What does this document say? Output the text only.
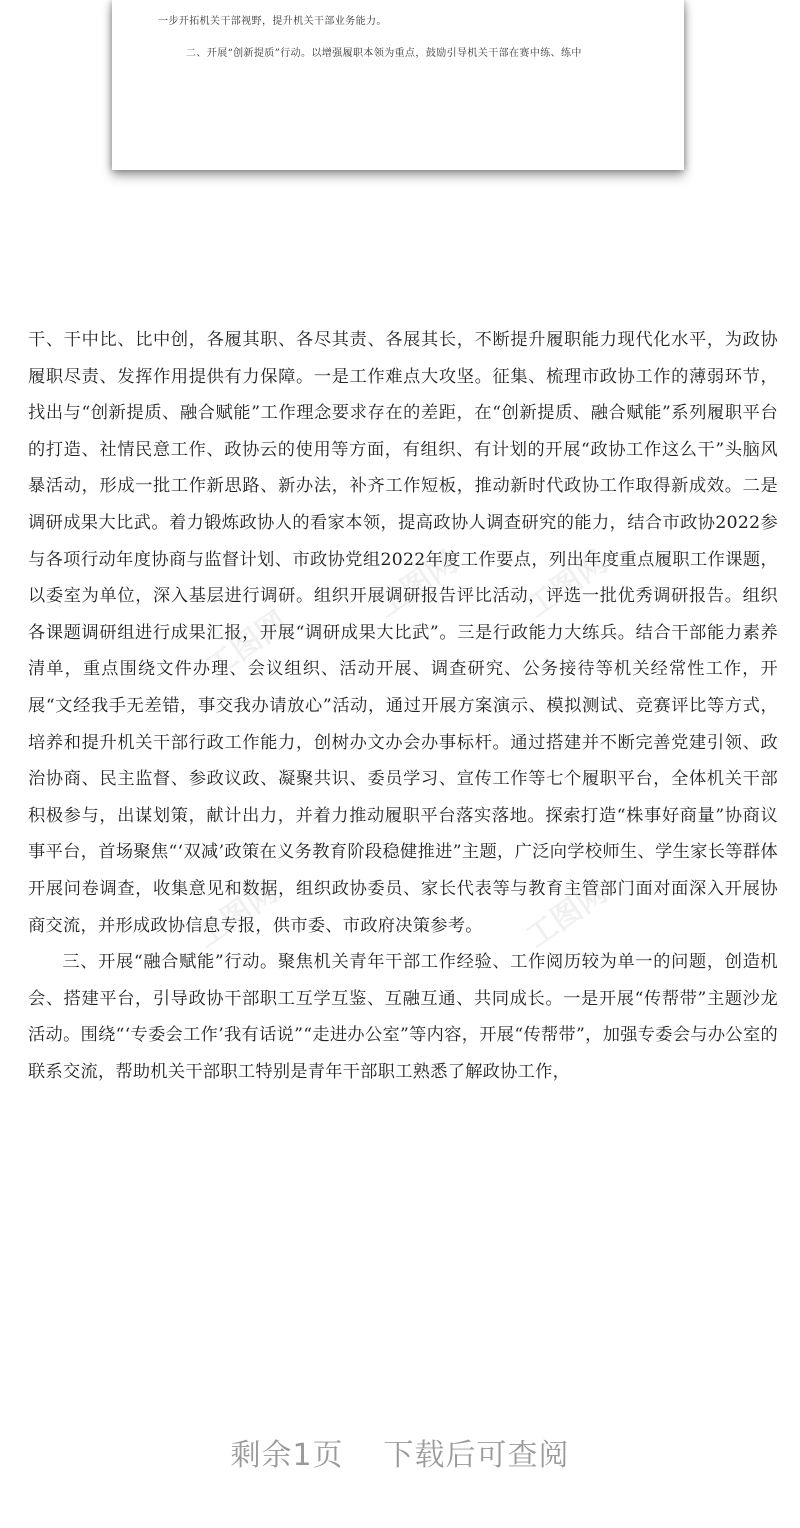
一步开拓机关干部视野，提升机关干部业务能力。
二、开展“创新提质”行动。以增强履职本领为重点，鼓励引导机关干部在赛中练、练中
工图网
工图网 工图网
工图网	工图网

干、干中比、比中创，各履其职、各尽其责、各展其长，不断提升履职能力现代化水平，为政协履职尽责、发挥作用提供有力保障。一是工作难点大攻坚。征集、梳理市政协工作的薄弱环节，找出与“创新提质、融合赋能”工作理念要求存在的差距，在“创新提质、融合赋能”系列履职平台的打造、社情民意工作、政协云的使用等方面，有组织、有计划的开展“政协工作这么干”头脑风暴活动，形成一批工作新思路、新办法，补齐工作短板，推动新时代政协工作取得新成效。二是调研成果大比武。着力锻炼政协人的看家本领，提高政协人调查研究的能力，结合市政协2022参与各项行动年度协商与监督计划、市政协党组2022年度工作要点，列出年度重点履职工作课题，以委室为单位，深入基层进行调研。组织开展调研报告评比活动，评选一批优秀调研报告。组织各课题调研组进行成果汇报，开展“调研成果大比武”。三是行政能力大练兵。结合干部能力素养清单，重点围绕文件办理、会议组织、活动开展、调查研究、公务接待等机关经常性工作，开展“文经我手无差错，事交我办请放心”活动，通过开展方案演示、模拟测试、竞赛评比等方式，培养和提升机关干部行政工作能力，创树办文办会办事标杆。通过搭建并不断完善党建引领、政治协商、民主监督、参政议政、凝聚共识、委员学习、宣传工作等七个履职平台，全体机关干部积极参与，出谋划策，献计出力，并着力推动履职平台落实落地。探索打造“株事好商量”协商议事平台，首场聚焦“‘双减’政策在义务教育阶段稳健推进”主题，广泛向学校师生、学生家长等群体开展问卷调查，收集意见和数据，组织政协委员、家长代表等与教育主管部门面对面深入开展协商交流，并形成政协信息专报，供市委、市政府决策参考。

三、开展“融合赋能”行动。聚焦机关青年干部工作经验、工作阅历较为单一的问题，创造机会、搭建平台，引导政协干部职工互学互鉴、互融互通、共同成长。一是开展“传帮带”主题沙龙活动。围绕“‘专委会工作’我有话说”“走进办公室”等内容，开展“传帮带”，加强专委会与办公室的联系交流，帮助机关干部职工特别是青年干部职工熟悉了解政协工作，

剩余1页 下载后可查阅
